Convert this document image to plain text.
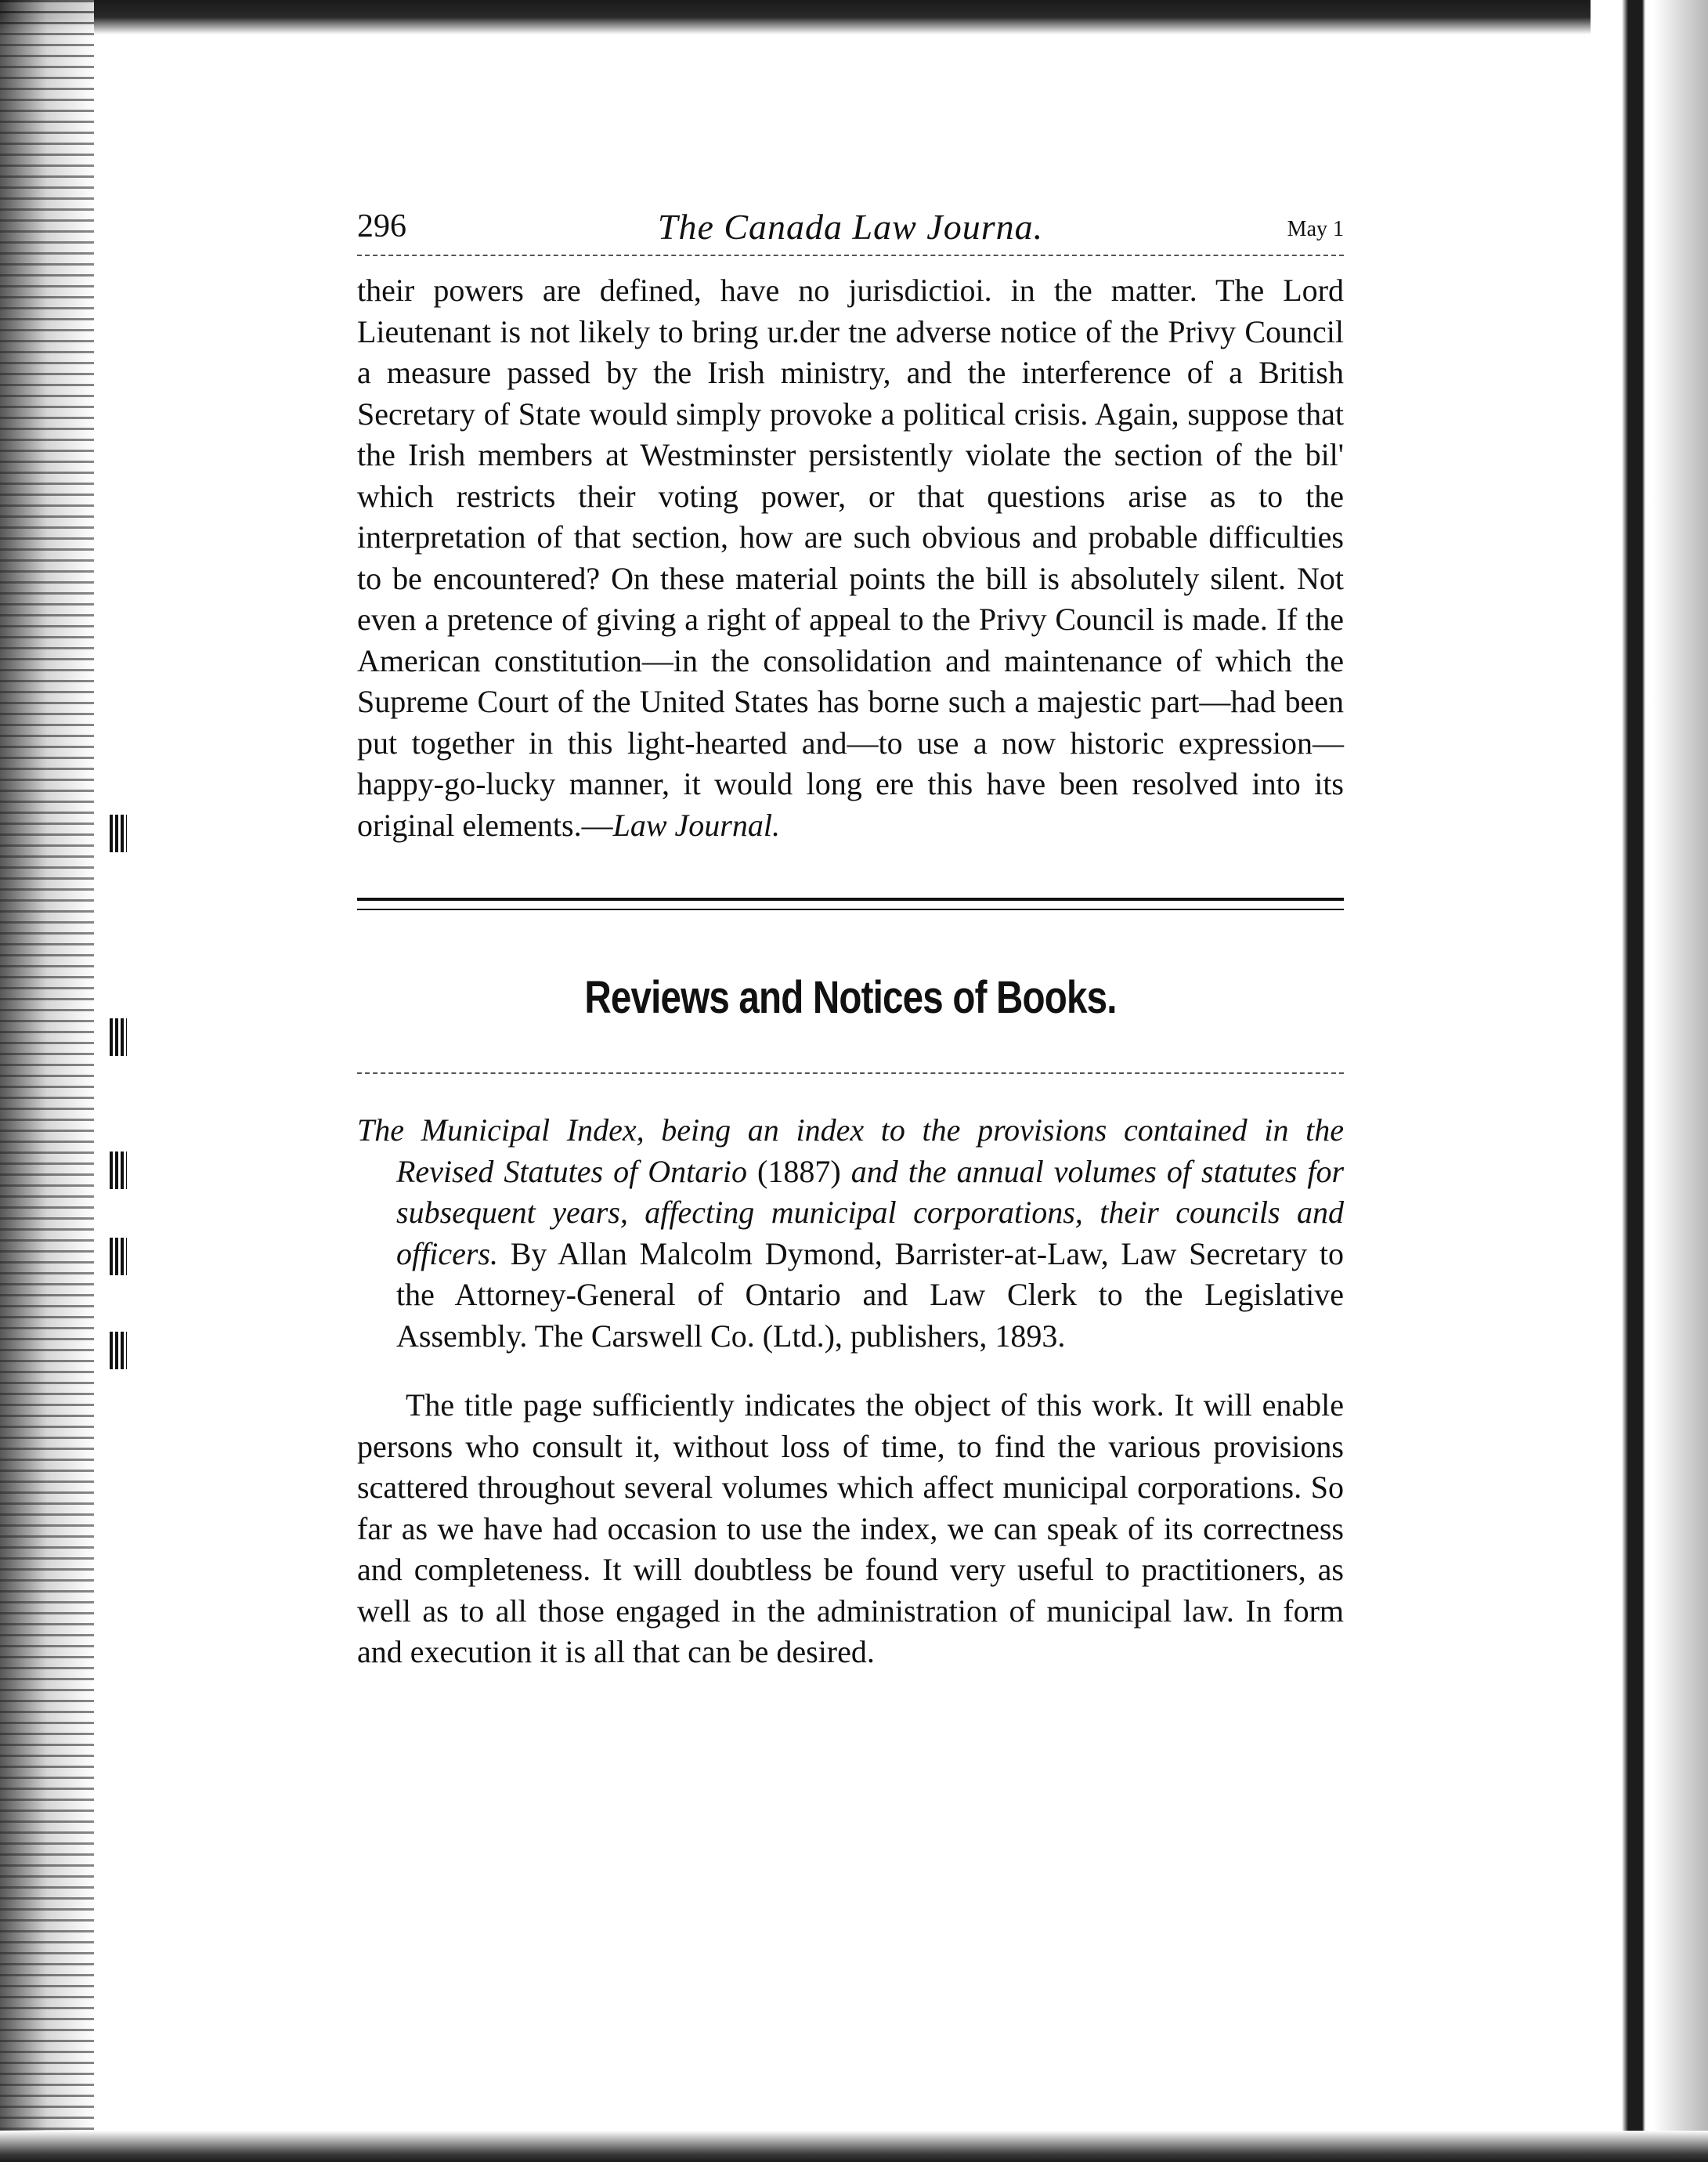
296	The Canada Law Journa.	May 1

their powers are defined, have no jurisdictioi. in the matter. The Lord Lieutenant is not likely to bring ur.der tne adverse notice of the Privy Council a measure passed by the Irish ministry, and the interference of a British Secretary of State would simply provoke a political crisis. Again, suppose that the Irish members at Westminster persistently violate the section of the bil' which restricts their voting power, or that questions arise as to the interpretation of that section, how are such obvious and probable difficulties to be encountered? On these material points the bill is absolutely silent. Not even a pretence of giving a right of appeal to the Privy Council is made. If the American constitution—in the consolidation and maintenance of which the Supreme Court of the United States has borne such a majestic part—had been put together in this light-hearted and—to use a now historic expression—happy-go-lucky manner, it would long ere this have been resolved into its original elements.—Law Journal.

Reviews and Notices of Books.

The Municipal Index, being an index to the provisions contained in the Revised Statutes of Ontario (1887) and the annual volumes of statutes for subsequent years, affecting municipal corporations, their councils and officers. By Allan Malcolm Dymond, Barrister-at-Law, Law Secretary to the Attorney-General of Ontario and Law Clerk to the Legislative Assembly. The Carswell Co. (Ltd.), publishers, 1893.

The title page sufficiently indicates the object of this work. It will enable persons who consult it, without loss of time, to find the various provisions scattered throughout several volumes which affect municipal corporations. So far as we have had occasion to use the index, we can speak of its correctness and completeness. It will doubtless be found very useful to practitioners, as well as to all those engaged in the administration of municipal law. In form and execution it is all that can be desired.
